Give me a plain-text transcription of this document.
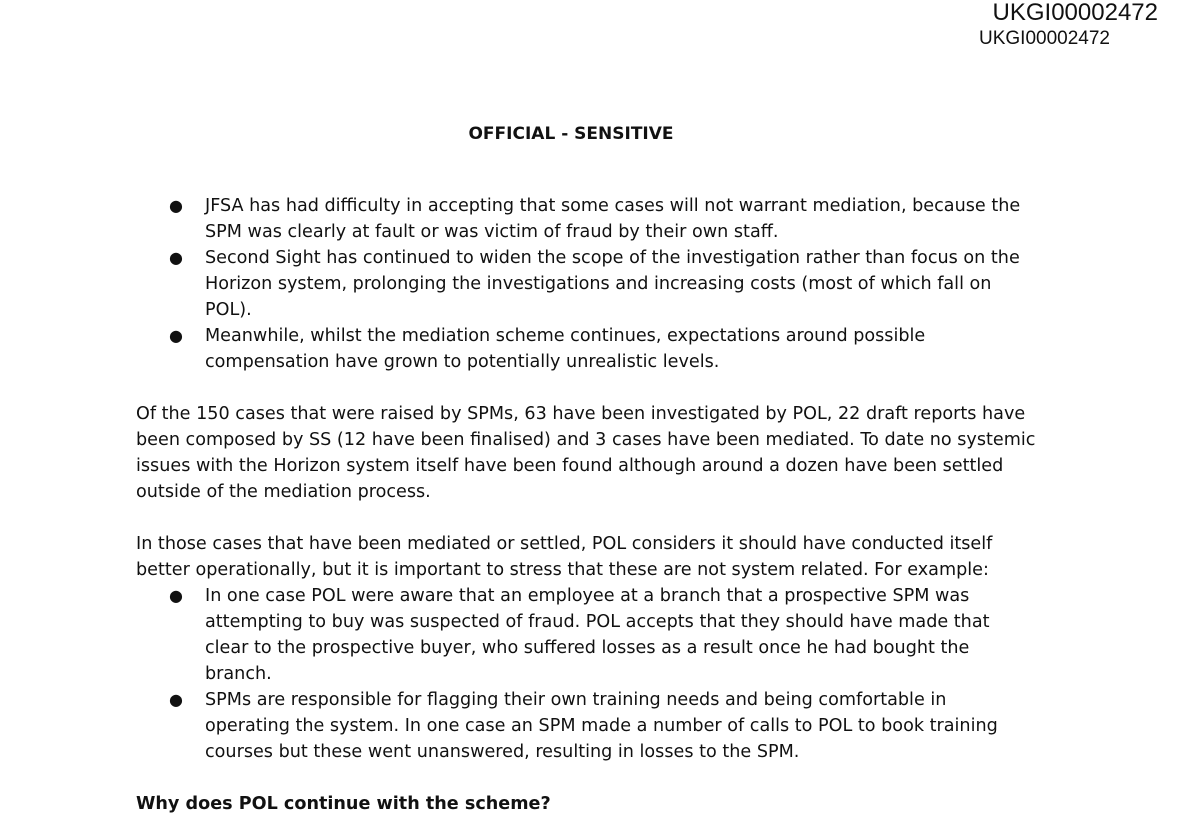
UKGI00002472
UKGI00002472
OFFICIAL - SENSITIVE
● JFSA has had difficulty in accepting that some cases will not warrant mediation, because the SPM was clearly at fault or was victim of fraud by their own staff.
● Second Sight has continued to widen the scope of the investigation rather than focus on the Horizon system, prolonging the investigations and increasing costs (most of which fall on POL).
● Meanwhile, whilst the mediation scheme continues, expectations around possible compensation have grown to potentially unrealistic levels.

Of the 150 cases that were raised by SPMs, 63 have been investigated by POL, 22 draft reports have been composed by SS (12 have been finalised) and 3 cases have been mediated. To date no systemic issues with the Horizon system itself have been found although around a dozen have been settled outside of the mediation process.

In those cases that have been mediated or settled, POL considers it should have conducted itself better operationally, but it is important to stress that these are not system related. For example:

● In one case POL were aware that an employee at a branch that a prospective SPM was attempting to buy was suspected of fraud. POL accepts that they should have made that clear to the prospective buyer, who suffered losses as a result once he had bought the branch.
● SPMs are responsible for flagging their own training needs and being comfortable in operating the system. In one case an SPM made a number of calls to POL to book training courses but these went unanswered, resulting in losses to the SPM.

Why does POL continue with the scheme?
